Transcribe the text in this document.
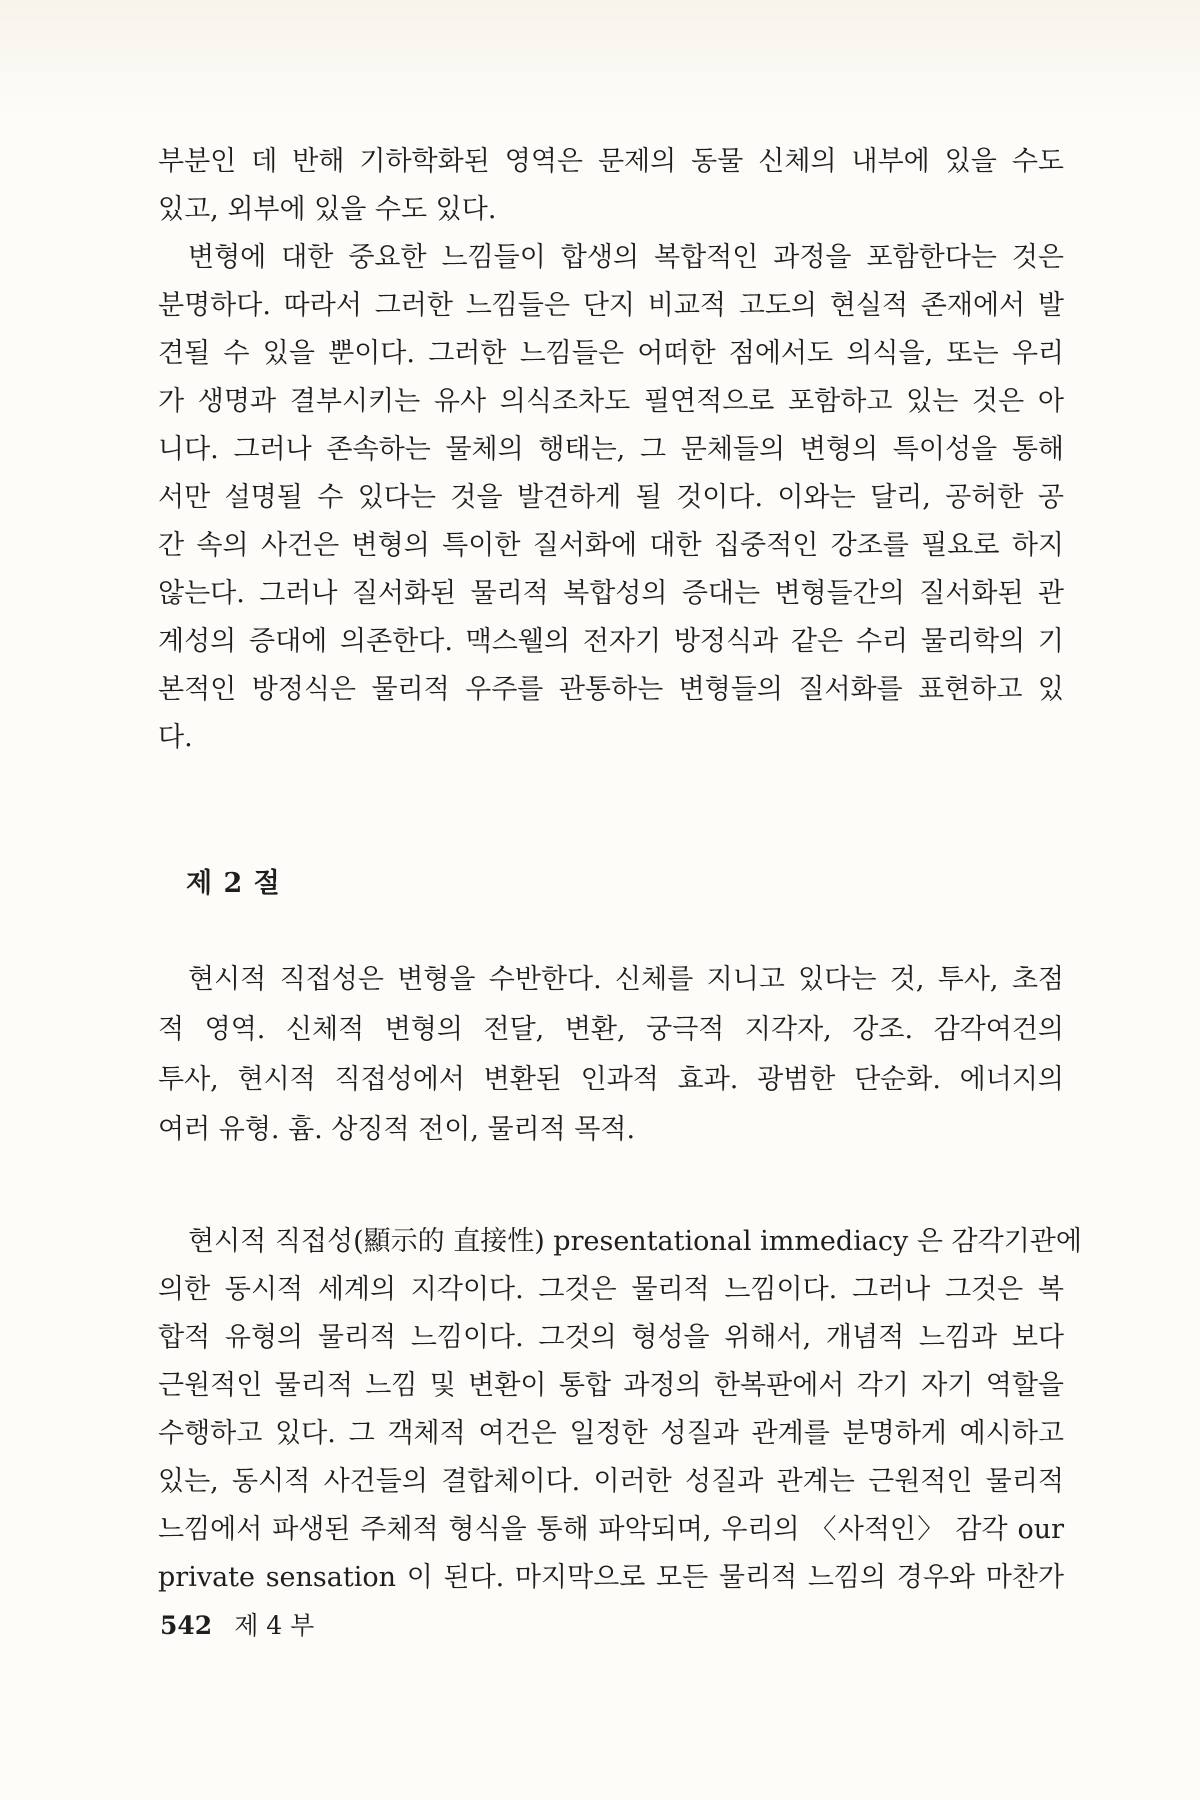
부분인 데 반해 기하학화된 영역은 문제의 동물 신체의 내부에 있을 수도

있고, 외부에 있을 수도 있다.

변형에 대한 중요한 느낌들이 합생의 복합적인 과정을 포함한다는 것은

분명하다. 따라서 그러한 느낌들은 단지 비교적 고도의 현실적 존재에서 발

견될 수 있을 뿐이다. 그러한 느낌들은 어떠한 점에서도 의식을, 또는 우리

가 생명과 결부시키는 유사 의식조차도 필연적으로 포함하고 있는 것은 아

니다. 그러나 존속하는 물체의 행태는, 그 문체들의 변형의 특이성을 통해

서만 설명될 수 있다는 것을 발견하게 될 것이다. 이와는 달리, 공허한 공

간 속의 사건은 변형의 특이한 질서화에 대한 집중적인 강조를 필요로 하지

않는다. 그러나 질서화된 물리적 복합성의 증대는 변형들간의 질서화된 관

계성의 증대에 의존한다. 맥스웰의 전자기 방정식과 같은 수리 물리학의 기

본적인 방정식은 물리적 우주를 관통하는 변형들의 질서화를 표현하고 있

다.

제 2 절

현시적 직접성은 변형을 수반한다. 신체를 지니고 있다는 것, 투사, 초점

적 영역. 신체적 변형의 전달, 변환, 궁극적 지각자, 강조. 감각여건의

투사, 현시적 직접성에서 변환된 인과적 효과. 광범한 단순화. 에너지의

여러 유형. 흄. 상징적 전이, 물리적 목적.

현시적 직접성(顯示的 直接性) presentational immediacy 은 감각기관에

의한 동시적 세계의 지각이다. 그것은 물리적 느낌이다. 그러나 그것은 복

합적 유형의 물리적 느낌이다. 그것의 형성을 위해서, 개념적 느낌과 보다

근원적인 물리적 느낌 및 변환이 통합 과정의 한복판에서 각기 자기 역할을

수행하고 있다. 그 객체적 여건은 일정한 성질과 관계를 분명하게 예시하고

있는, 동시적 사건들의 결합체이다. 이러한 성질과 관계는 근원적인 물리적

느낌에서 파생된 주체적 형식을 통해 파악되며, 우리의 〈사적인〉 감각 our

private sensation 이 된다. 마지막으로 모든 물리적 느낌의 경우와 마찬가

542 제 4 부
